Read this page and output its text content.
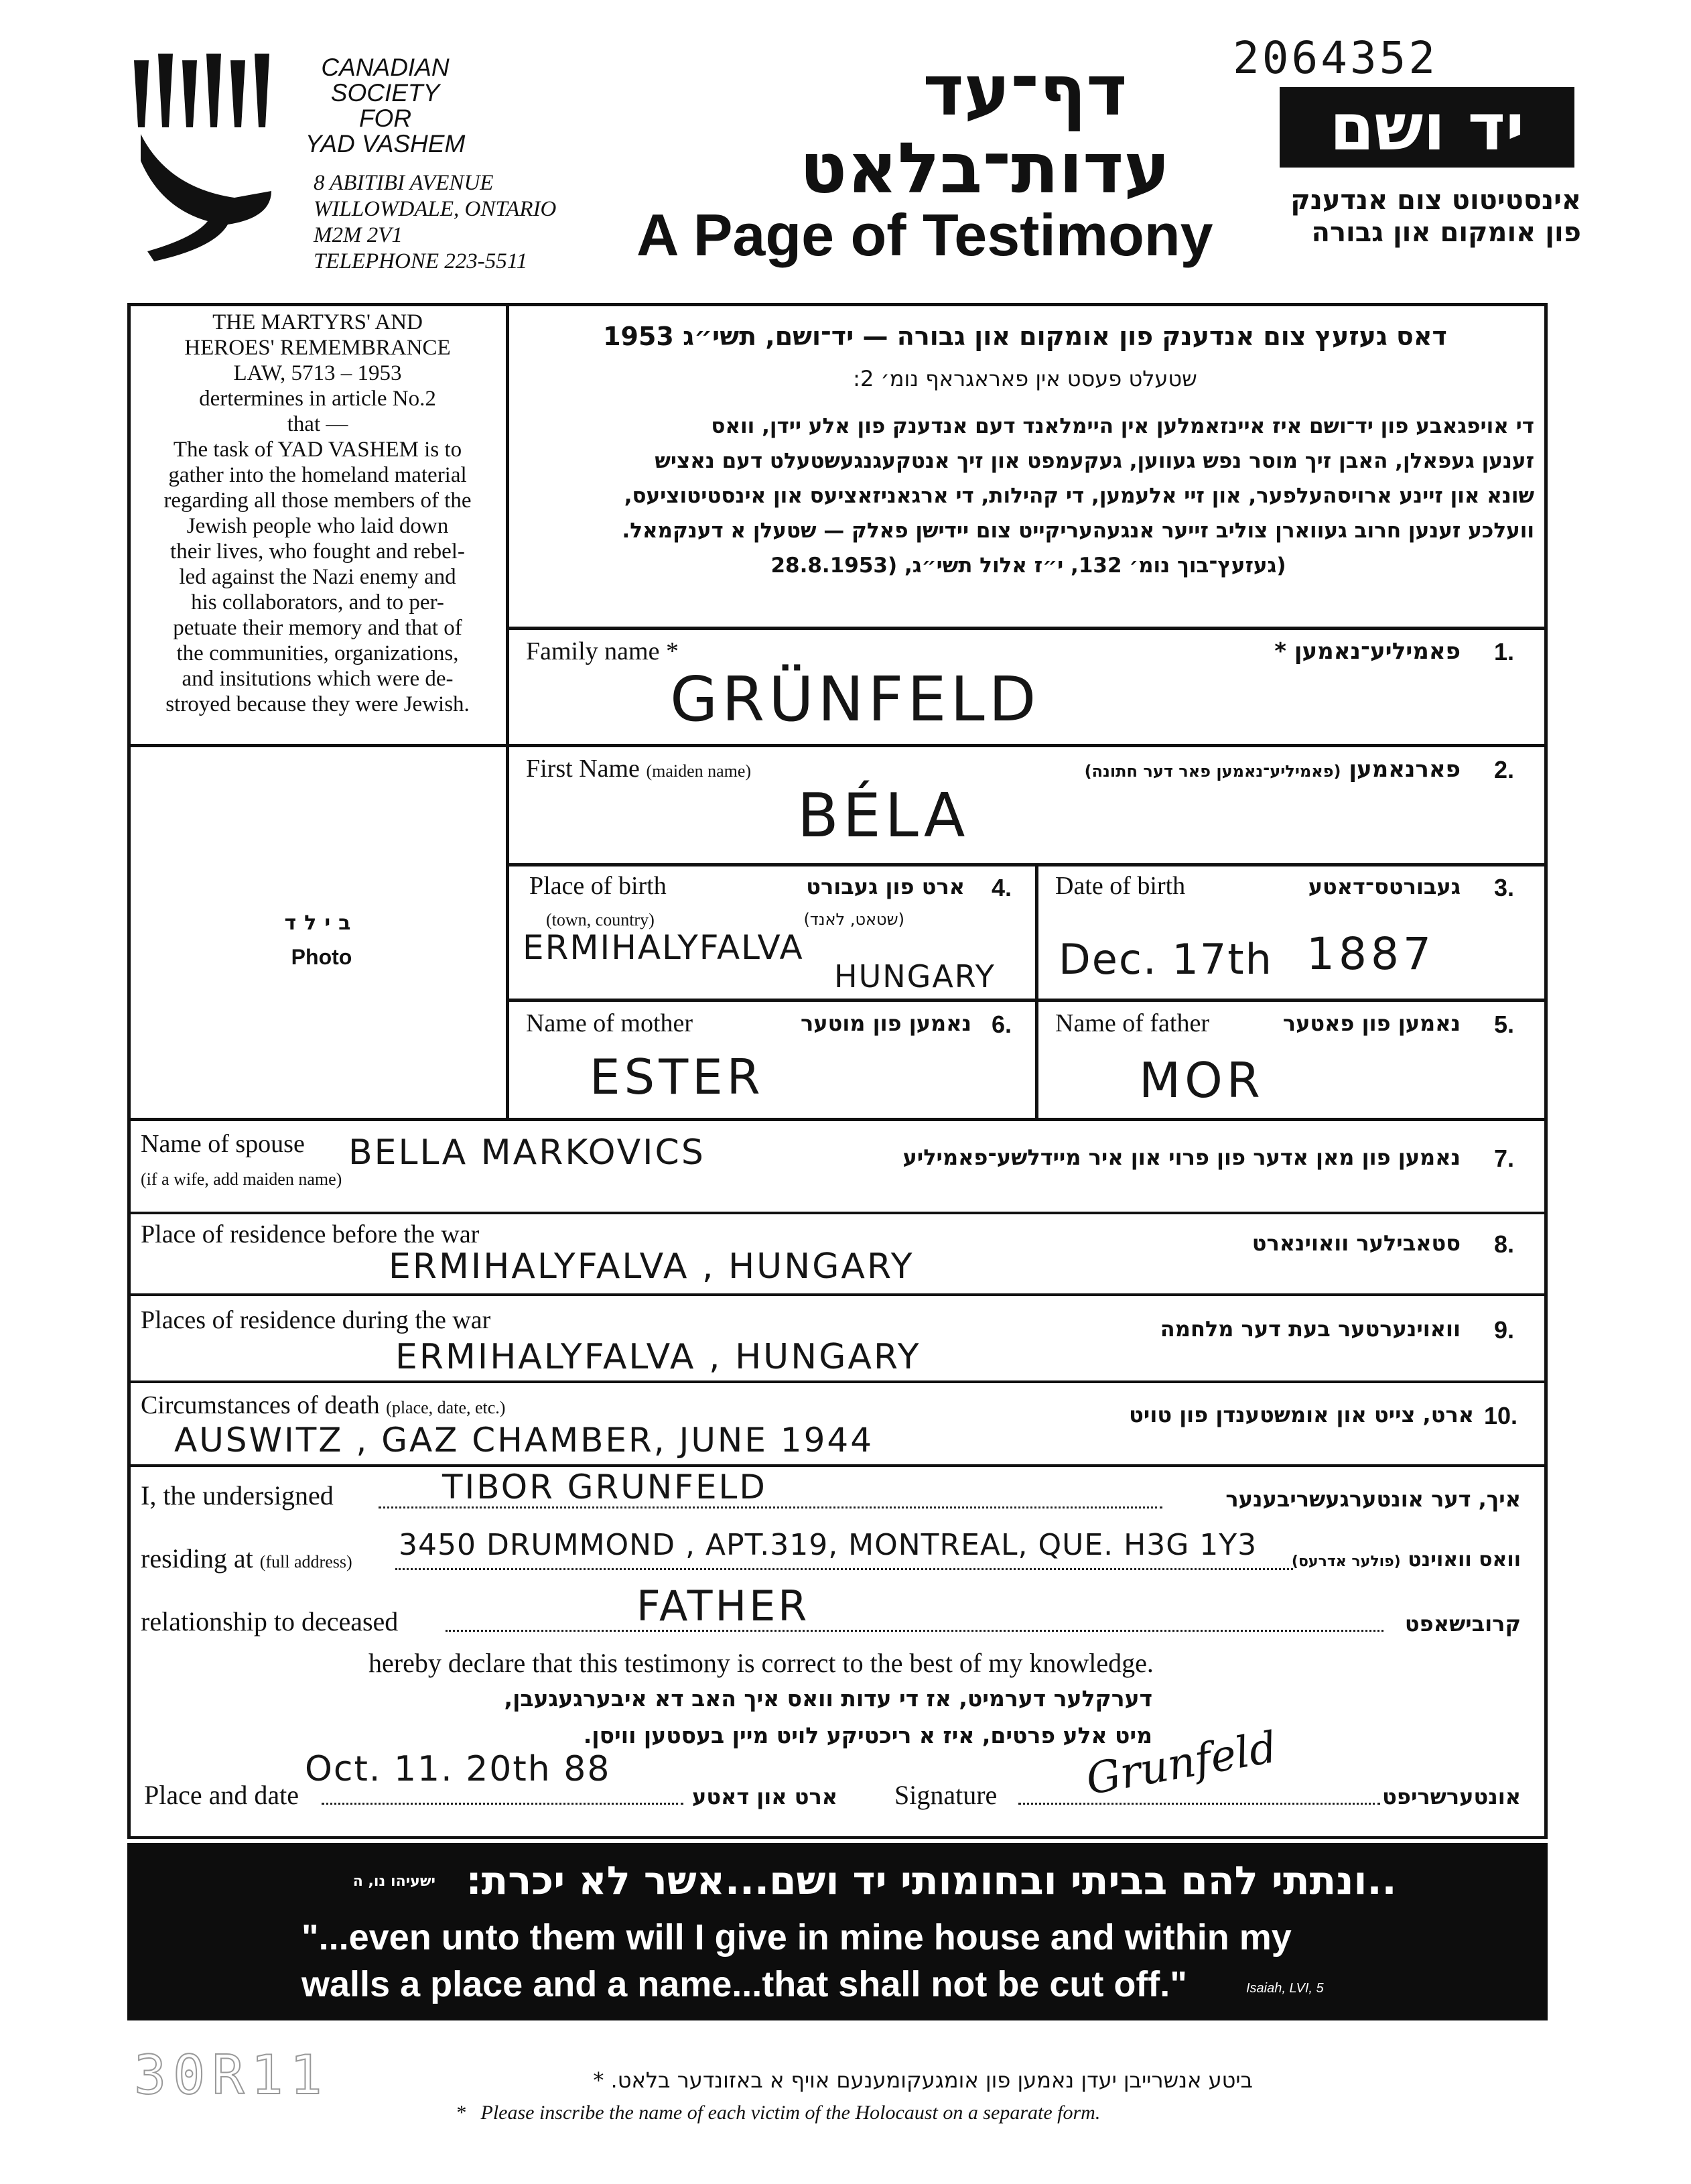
2064352
CANADIAN
SOCIETY
FOR
YAD VASHEM
8 ABITIBI AVENUE
WILLOWDALE, ONTARIO
M2M 2V1
TELEPHONE 223-5511
דף־עד
עדות־בלאט
A Page of Testimony
יד ושם
אינסטיטוט צום אנדענק
פון אומקום און גבורה
THE MARTYRS' AND
HEROES' REMEMBRANCE
LAW, 5713 – 1953
dertermines in article No.2
that —
The task of YAD VASHEM is to
gather into the homeland material
regarding all those members of the
Jewish people who laid down
their lives, who fought and rebel-
led against the Nazi enemy and
his collaborators, and to per-
petuate their memory and that of
the communities, organizations,
and insitutions which were de-
stroyed because they were Jewish.
בילד
Photo
דאס געזעץ צום אנדענק פון אומקום און גבורה — יד־ושם, תשי״ג 1953
שטעלט פעסט אין פאראגראף נומ׳ 2:
די אויפגאבע פון יד־ושם איז איינזאמלען אין היימלאנד דעם אנדענק פון אלע יידן, וואס
זענען געפאלן, האבן זיך מוסר נפש געווען, געקעמפט און זיך אנטקעגנגעשטעלט דעם נאציש
שונא און זיינע ארויסהעלפער, און זיי אלעמען, די קהילות, די ארגאניזאציעס און אינסטיטוציעס,
וועלכע זענען חרוב געווארן צוליב זייער אנגעהעריקייט צום יידישן פאלק — שטעלן א דענקמאל.
(געזעץ־בוך נומ׳ 132, י״ז אלול תשי״ג, (28.8.1953
Family name *	פאמיליע־נאמען * 1.
GRÜNFELD
First Name (maiden name)	פארנאמען (פאמיליע־נאמען פאר דער חתונה)	2.
BÉLA
Place of birth	ארט פון געבורט 4.
(town, country)	(שטאט, לאנד)
ERMIHALYFALVA
HUNGARY
Date of birth	געבורטס־דאטע 3.
Dec. 17th 1887
Name of mother	נאמען פון מוטער 6.
ESTER
Name of father	נאמען פון פאטער 5.
MOR
Name of spouse
(if a wife, add maiden name)
נאמען פון מאן אדער פון פרוי און איר מיידלשע־פאמיליע 7.
BELLA MARKOVICS
Place of residence before the war	סטאבילער וואוינארט 8.
ERMIHALYFALVA , HUNGARY
Places of residence during the war	וואוינערטער בעת דער מלחמה 9.
ERMIHALYFALVA , HUNGARY
Circumstances of death (place, date, etc.)	ארט, צייט און אומשטענדן פון טויט 10.
AUSWITZ , GAZ CHAMBER, JUNE 1944
I, the undersigned	איך, דער אונטערגעשריבענער
TIBOR GRUNFELD
residing at (full address)	וואס וואוינט (פולער אדרעס)
3450 DRUMMOND , APT.319, MONTREAL, QUE. H3G 1Y3
relationship to deceased	קרובישאפט
FATHER
hereby declare that this testimony is correct to the best of my knowledge.
דערקלער דערמיט, אז די עדות וואס איך האב דא איבערגעגעבן,
מיט אלע פרטים, איז א ריכטיקע לויט מיין בעסטען וויסן.
Place and date	ארט און דאטע
Oct. 11. 20th 88
Signature	אונטערשריפט
Grunfeld
..ונתתי להם בביתי ובחומותי יד ושם...אשר לא יכרת:
ישעיהו נו, ה
"...even unto them will I give in mine house and within my
walls a place and a name...that shall not be cut off."	Isaiah, LVI, 5
ביטע אנשרייבן יעדן נאמען פון אומגעקומענעם אויף א באזונדער בלאט. *
*   Please inscribe the name of each victim of the Holocaust on a separate form.
30R11
